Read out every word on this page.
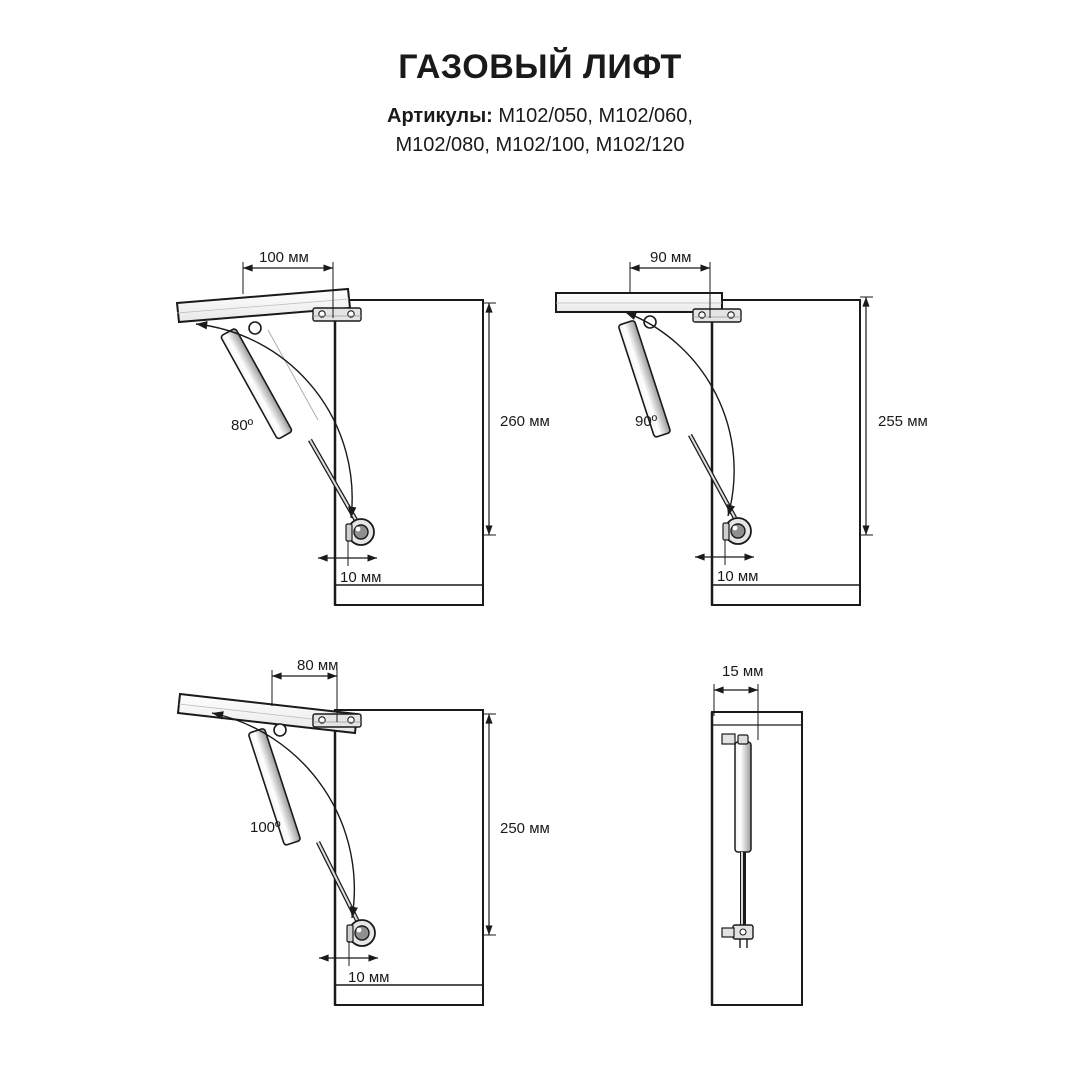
ГАЗОВЫЙ ЛИФТ
Артикулы: M102/050, M102/060,
M102/080, M102/100, M102/120
80º
100 мм
260 мм
10 мм
90º
90 мм
255 мм
10 мм
100º
80 мм
250 мм
10 мм
15 мм
